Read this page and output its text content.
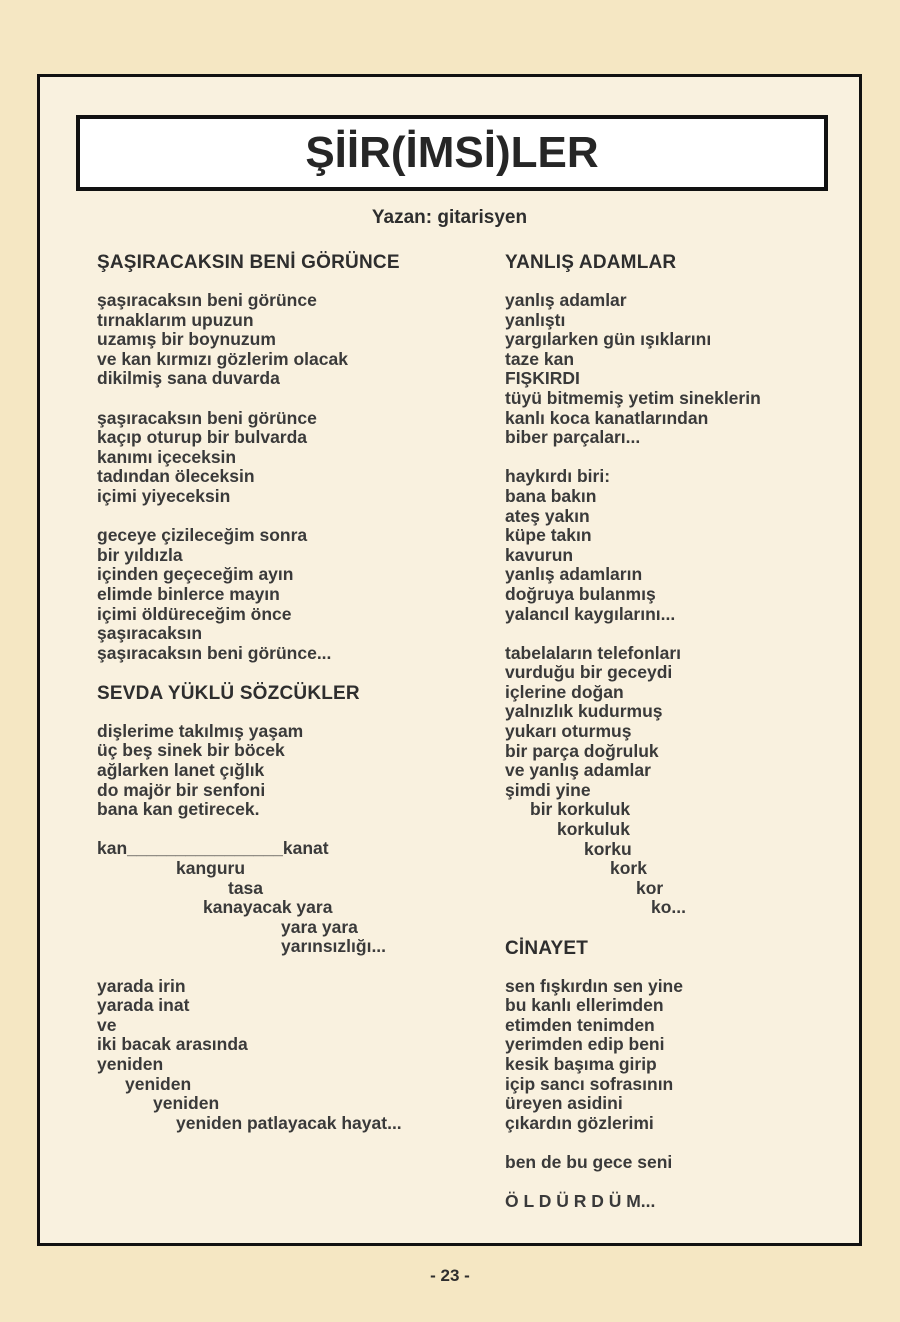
ŞİİR(İMSİ)LER
Yazan: gitarisyen
ŞAŞIRACAKSIN BENİ GÖRÜNCE
şaşıracaksın beni görünce
tırnaklarım upuzun
uzamış bir boynuzum
ve kan kırmızı gözlerim olacak
dikilmiş sana duvarda
şaşıracaksın beni görünce
kaçıp oturup bir bulvarda
kanımı içeceksin
tadından öleceksin
içimi yiyeceksin
geceye çizileceğim sonra
bir yıldızla
içinden geçeceğim ayın
elimde binlerce mayın
içimi öldüreceğim önce
şaşıracaksın
şaşıracaksın beni görünce...
SEVDA YÜKLÜ SÖZCÜKLER
dişlerime takılmış yaşam
üç beş sinek bir böcek
ağlarken lanet çığlık
do majör bir senfoni
bana kan getirecek.
kan________________kanat
kanguru
tasa
kanayacak yara
yara yara
yarınsızlığı...
yarada irin
yarada inat
ve
iki bacak arasında
yeniden
yeniden
yeniden
yeniden patlayacak hayat...
YANLIŞ ADAMLAR
yanlış adamlar
yanlıştı
yargılarken gün ışıklarını
taze kan
FIŞKIRDI
tüyü bitmemiş yetim sineklerin
kanlı koca kanatlarından
biber parçaları...
haykırdı biri:
bana bakın
ateş yakın
küpe takın
kavurun
yanlış adamların
doğruya bulanmış
yalancıl kaygılarını...
tabelaların telefonları
vurduğu bir geceydi
içlerine doğan
yalnızlık kudurmuş
yukarı oturmuş
bir parça doğruluk
ve yanlış adamlar
şimdi yine
bir korkuluk
korkuluk
korku
kork
kor
ko...
CİNAYET
sen fışkırdın sen yine
bu kanlı ellerimden
etimden tenimden
yerimden edip beni
kesik başıma girip
içip sancı sofrasının
üreyen asidini
çıkardın gözlerimi
ben de bu gece seni
Ö L D Ü R D Ü M...
- 23 -
